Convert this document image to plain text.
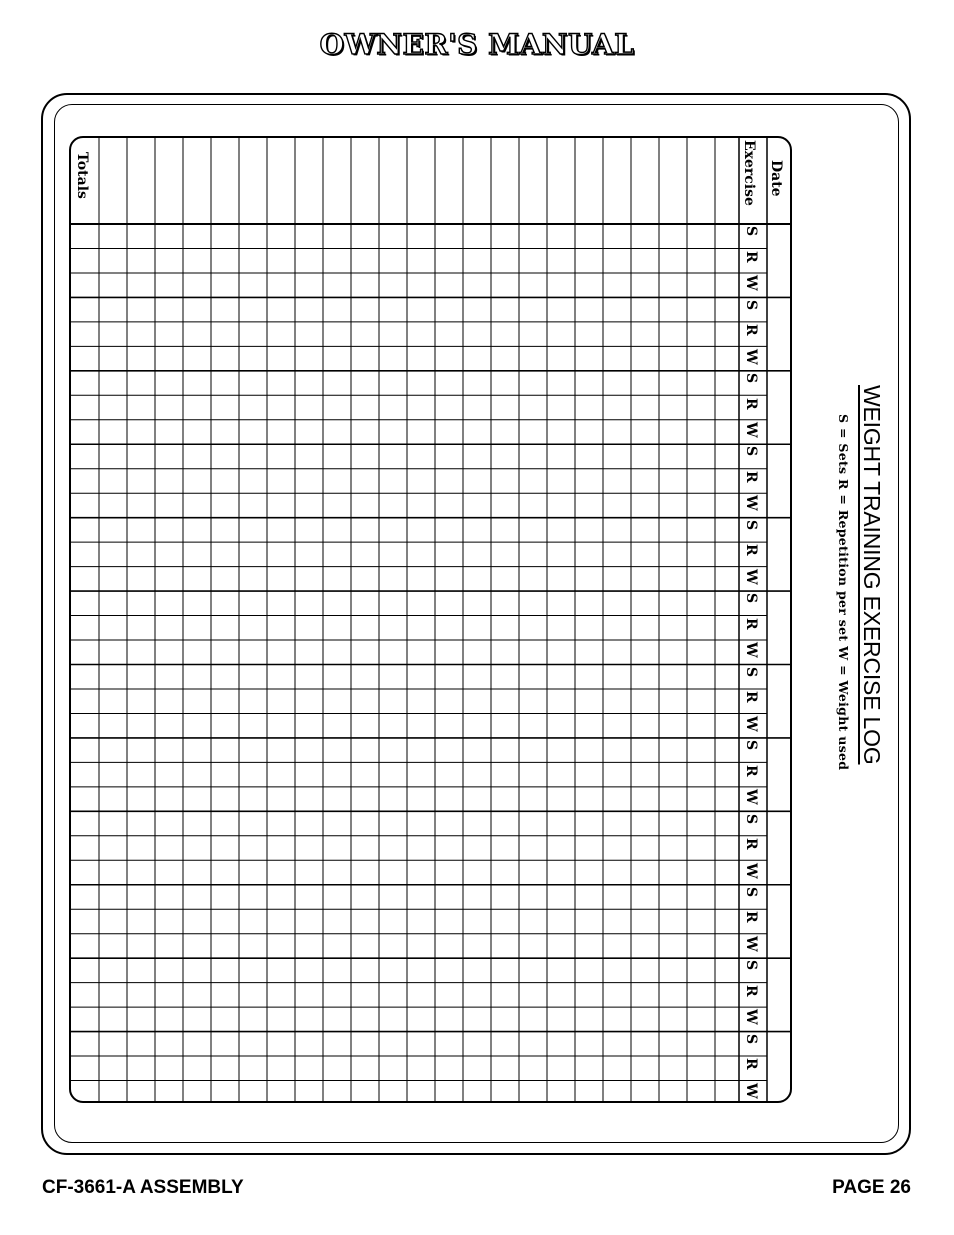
OWNER'S MANUAL
Date
Exercise
Totals
S
R
W
S
R
W
S
R
W
S
R
W
S
R
W
S
R
W
S
R
W
S
R
W
S
R
W
S
R
W
S
R
W
S
R
W
WEIGHT TRAINING EXERCISE LOG
S = Sets R = Repetition per set W = Weight used
CF-3661-A ASSEMBLY	PAGE 26
